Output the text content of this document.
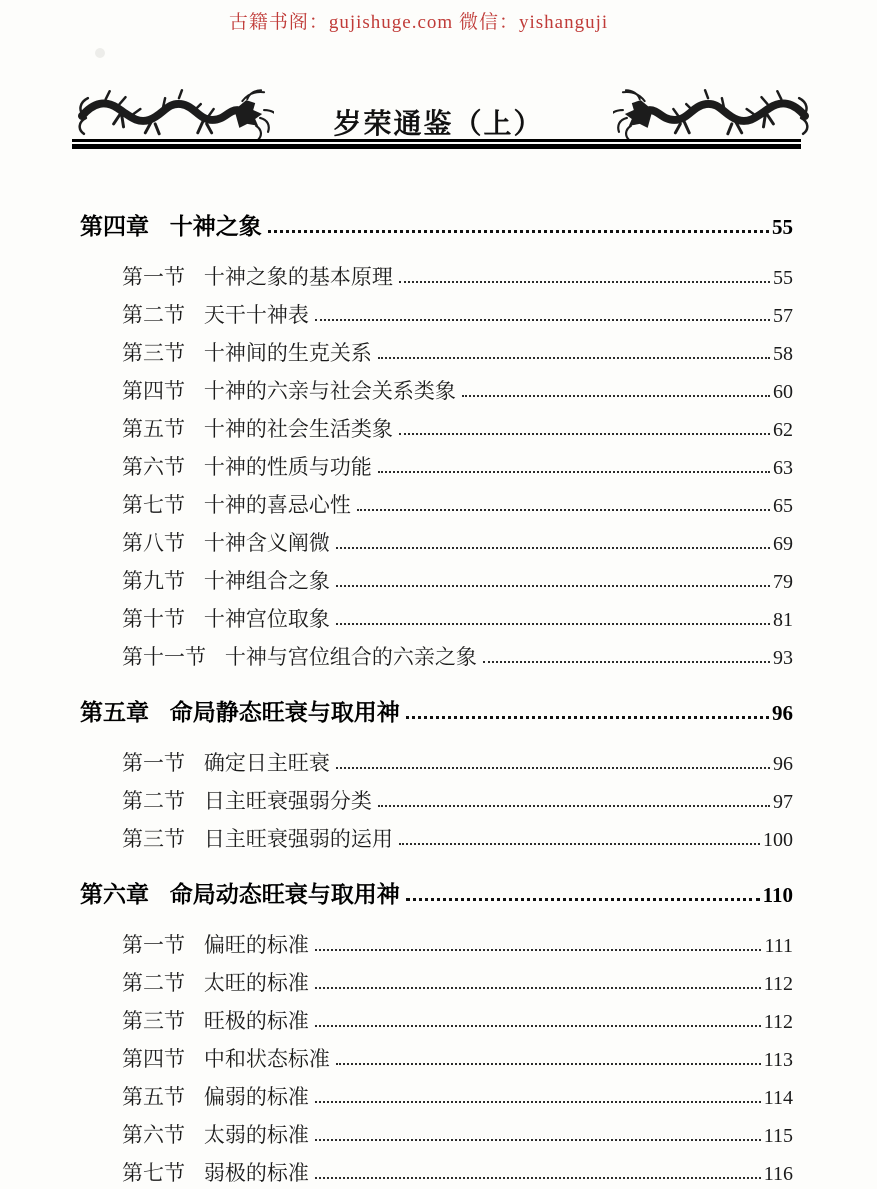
古籍书阁：gujishuge.com 微信：yishanguji
岁荣通鉴（上）
第四章 十神之象	55
第一节 十神之象的基本原理	55
第二节 天干十神表	57
第三节 十神间的生克关系	58
第四节 十神的六亲与社会关系类象	60
第五节 十神的社会生活类象	62
第六节 十神的性质与功能	63
第七节 十神的喜忌心性	65
第八节 十神含义阐微	69
第九节 十神组合之象	79
第十节 十神宫位取象	81
第十一节 十神与宫位组合的六亲之象	93
第五章 命局静态旺衰与取用神	96
第一节 确定日主旺衰	96
第二节 日主旺衰强弱分类	97
第三节 日主旺衰强弱的运用	100
第六章 命局动态旺衰与取用神	110
第一节 偏旺的标准	111
第二节 太旺的标准	112
第三节 旺极的标准	112
第四节 中和状态标准	113
第五节 偏弱的标准	114
第六节 太弱的标准	115
第七节 弱极的标准	116
